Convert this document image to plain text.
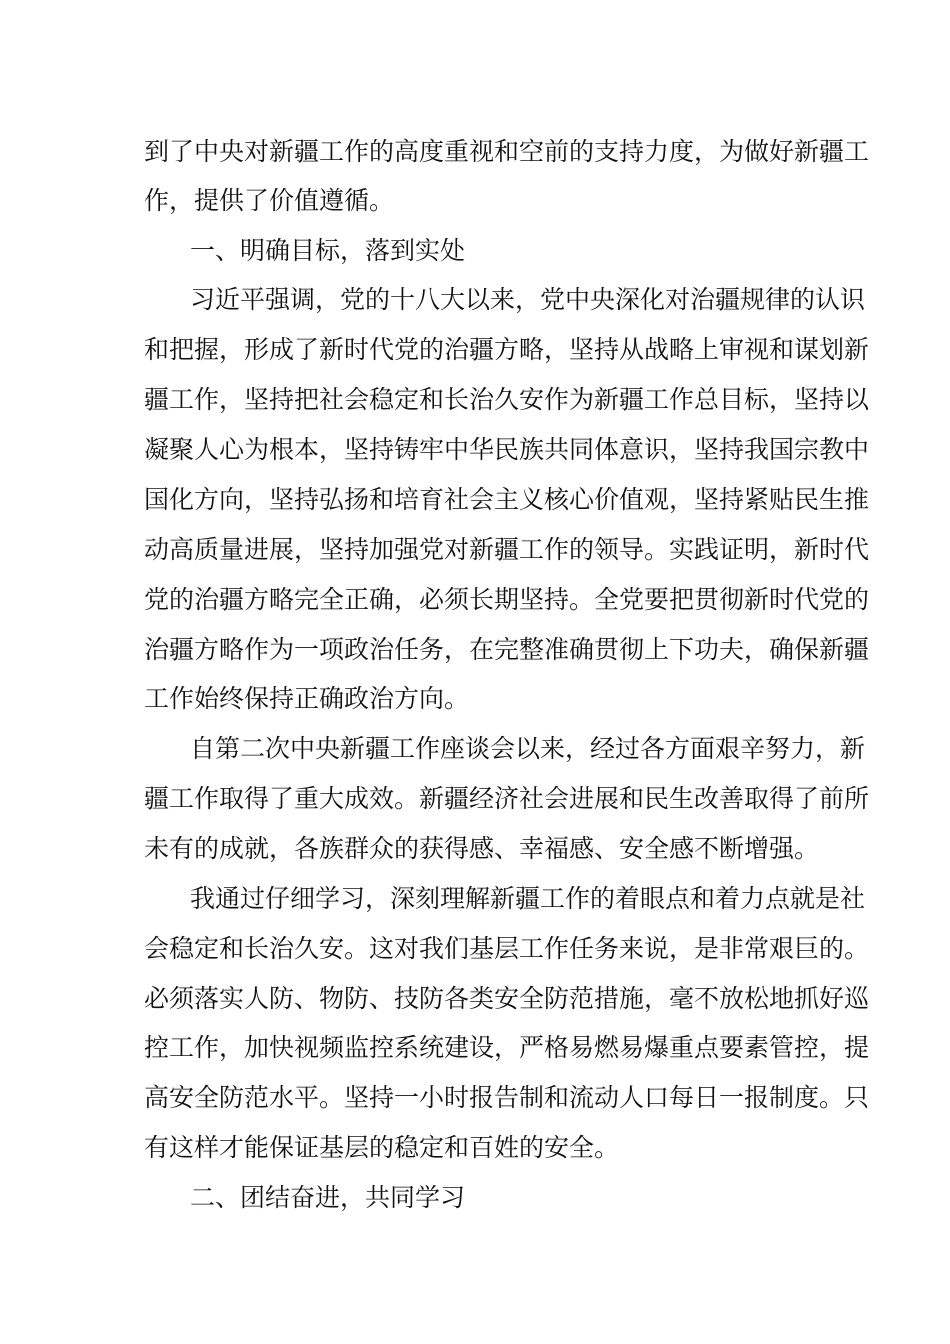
到了中央对新疆工作的高度重视和空前的支持力度，为做好新疆工

作，提供了价值遵循。

一、明确目标，落到实处

习近平强调，党的十八大以来，党中央深化对治疆规律的认识

和把握，形成了新时代党的治疆方略，坚持从战略上审视和谋划新

疆工作，坚持把社会稳定和长治久安作为新疆工作总目标，坚持以

凝聚人心为根本，坚持铸牢中华民族共同体意识，坚持我国宗教中

国化方向，坚持弘扬和培育社会主义核心价值观，坚持紧贴民生推

动高质量进展，坚持加强党对新疆工作的领导。实践证明，新时代

党的治疆方略完全正确，必须长期坚持。全党要把贯彻新时代党的

治疆方略作为一项政治任务，在完整准确贯彻上下功夫，确保新疆

工作始终保持正确政治方向。

自第二次中央新疆工作座谈会以来，经过各方面艰辛努力，新

疆工作取得了重大成效。新疆经济社会进展和民生改善取得了前所

未有的成就，各族群众的获得感、幸福感、安全感不断增强。

我通过仔细学习，深刻理解新疆工作的着眼点和着力点就是社

会稳定和长治久安。这对我们基层工作任务来说，是非常艰巨的。

必须落实人防、物防、技防各类安全防范措施，毫不放松地抓好巡

控工作，加快视频监控系统建设，严格易燃易爆重点要素管控，提

高安全防范水平。坚持一小时报告制和流动人口每日一报制度。只

有这样才能保证基层的稳定和百姓的安全。

二、团结奋进，共同学习
